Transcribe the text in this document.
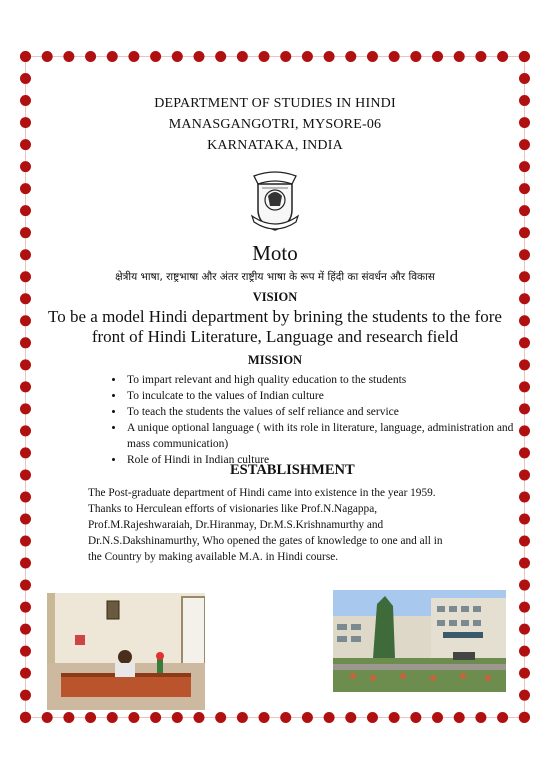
DEPARTMENT OF STUDIES IN HINDI
MANASGANGOTRI, MYSORE-06
KARNATAKA, INDIA
Moto
क्षेत्रीय भाषा, राष्ट्रभाषा और अंतर राष्ट्रीय भाषा के रूप में हिंदी का संवर्धन और विकास
VISION
To be a model Hindi department by brining the students to the fore front of Hindi Literature, Language and research field
MISSION
• To impart relevant and high quality education to the students
• To inculcate to the values of Indian culture
• To teach the students the values of self reliance and service
• A unique optional language ( with its role in literature, language, administration and mass communication)
• Role of Hindi in Indian culture
ESTABLISHMENT
The Post-graduate department of Hindi came into existence in the year 1959. Thanks to Herculean efforts of visionaries like Prof.N.Nagappa, Prof.M.Rajeshwaraiah, Dr.Hiranmay, Dr.M.S.Krishnamurthy and Dr.N.S.Dakshinamurthy, Who opened the gates of knowledge to one and all in the Country by making available M.A. in Hindi course.
